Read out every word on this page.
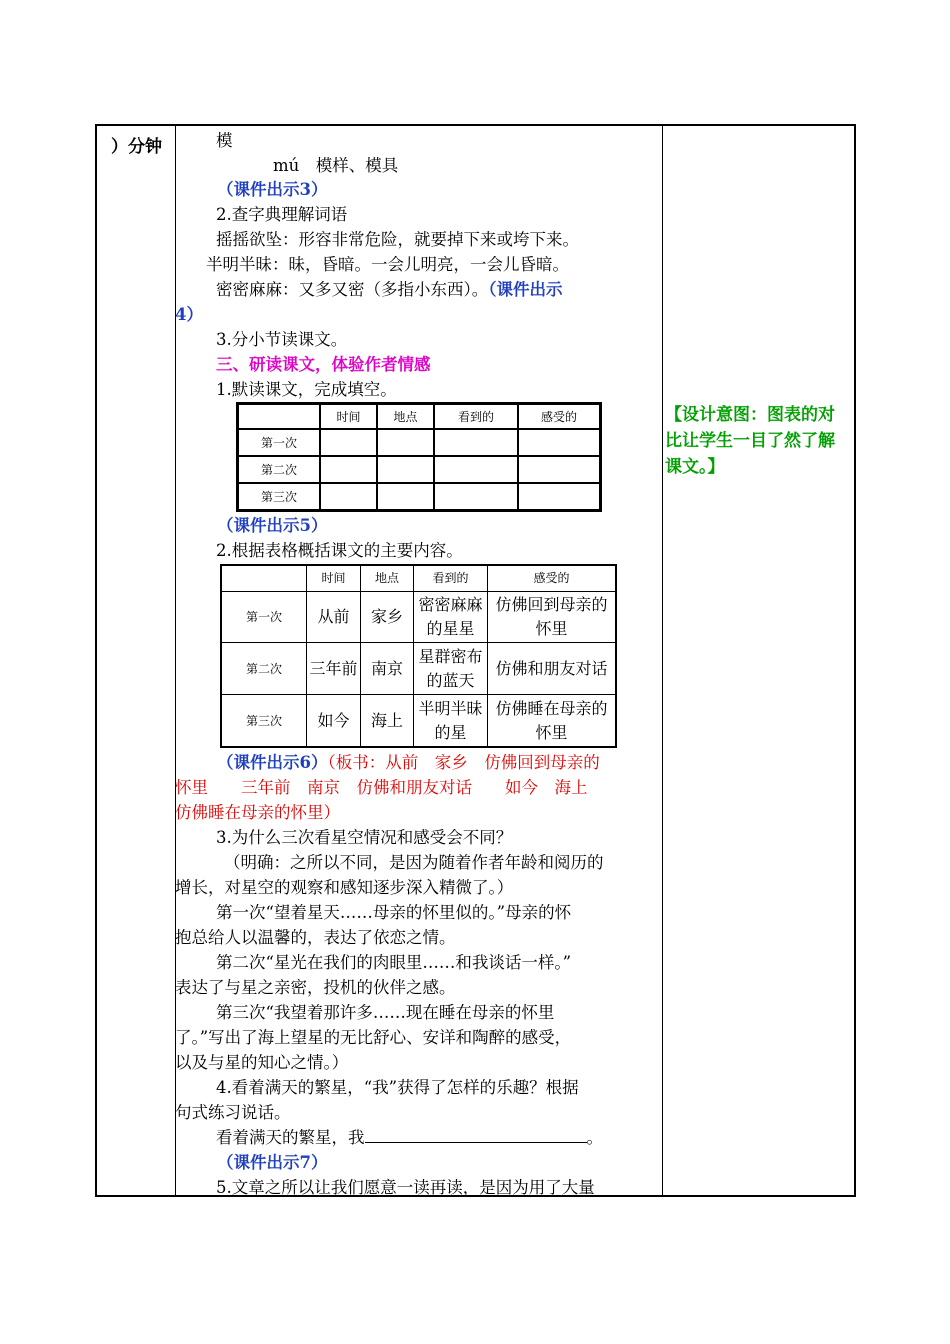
）分钟	模
mú　模样、模具
（课件出示3）
2.查字典理解词语
摇摇欲坠：形容非常危险，就要掉下来或垮下来。
半明半昧：昧，昏暗。一会儿明亮，一会儿昏暗。
密密麻麻：又多又密（多指小东西）。（课件出示
4）
3.分小节读课文。
三、研读课文，体验作者情感
1.默读课文，完成填空。
	时间	地点	看到的	感受的
第一次				
第二次				
第三次				
（课件出示5）
2.根据表格概括课文的主要内容。
	时间	地点	看到的	感受的
第一次	从前	家乡	密密麻麻的星星	仿佛回到母亲的怀里
第二次	三年前	南京	星群密布的蓝天	仿佛和朋友对话
第三次	如今	海上	半明半昧的星	仿佛睡在母亲的怀里
（课件出示6）（板书：从前　家乡　仿佛回到母亲的
怀里　　三年前　南京　仿佛和朋友对话　　如今　海上
仿佛睡在母亲的怀里）
3.为什么三次看星空情况和感受会不同？
（明确：之所以不同，是因为随着作者年龄和阅历的
增长，对星空的观察和感知逐步深入精微了。）
第一次“望着星天……母亲的怀里似的。”母亲的怀
抱总给人以温馨的，表达了依恋之情。
第二次“星光在我们的肉眼里……和我谈话一样。”
表达了与星之亲密，投机的伙伴之感。
第三次“我望着那许多……现在睡在母亲的怀里
了。”写出了海上望星的无比舒心、安详和陶醉的感受，
以及与星的知心之情。）
4.看着满天的繁星，“我”获得了怎样的乐趣？根据
句式练习说话。
看着满天的繁星，我	。
（课件出示7）
5.文章之所以让我们愿意一读再读，是因为用了大量
【设计意图：图表的对比让学生一目了然了解课文。】
